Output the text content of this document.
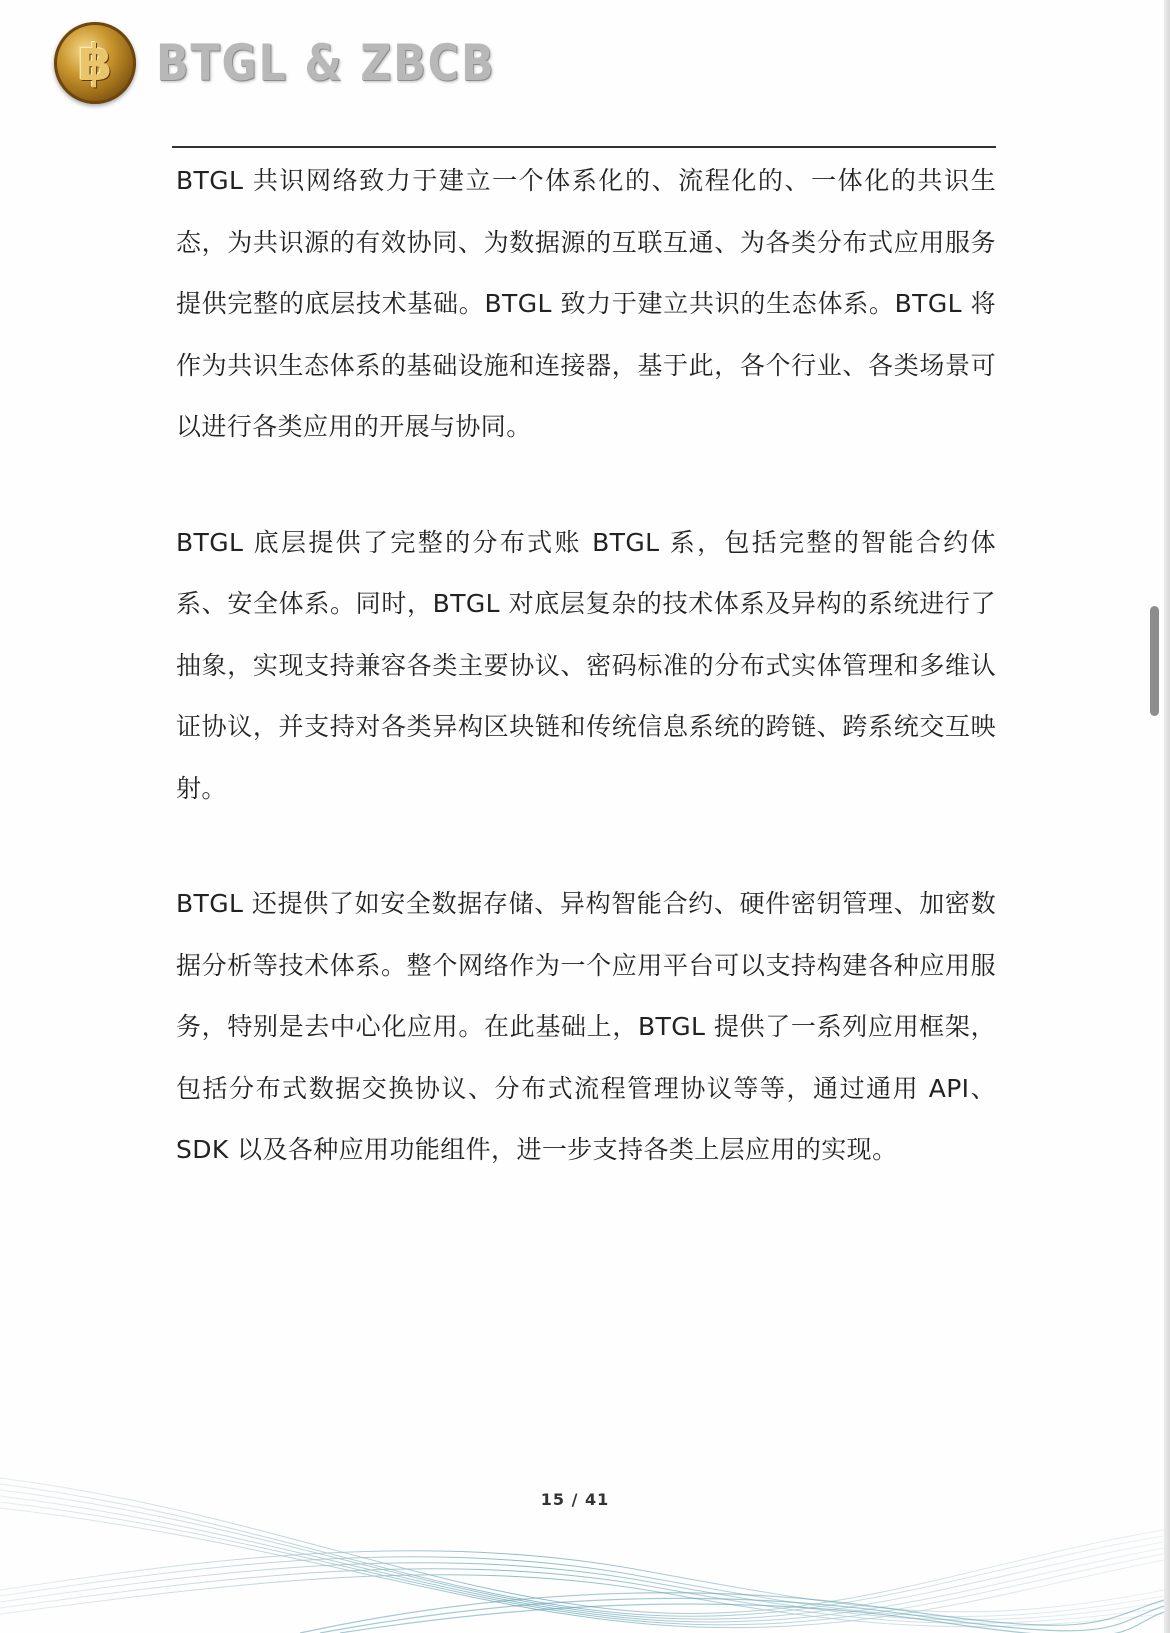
฿ BTGL & ZBCB

BTGL 共识网络致力于建立一个体系化的、流程化的、一体化的共识生态，为共识源的有效协同、为数据源的互联互通、为各类分布式应用服务提供完整的底层技术基础。BTGL 致力于建立共识的生态体系。BTGL 将作为共识生态体系的基础设施和连接器，基于此，各个行业、各类场景可以进行各类应用的开展与协同。

BTGL 底层提供了完整的分布式账 BTGL 系，包括完整的智能合约体系、安全体系。同时，BTGL 对底层复杂的技术体系及异构的系统进行了抽象，实现支持兼容各类主要协议、密码标准的分布式实体管理和多维认证协议，并支持对各类异构区块链和传统信息系统的跨链、跨系统交互映射。

BTGL 还提供了如安全数据存储、异构智能合约、硬件密钥管理、加密数据分析等技术体系。整个网络作为一个应用平台可以支持构建各种应用服务，特别是去中心化应用。在此基础上，BTGL 提供了一系列应用框架，包括分布式数据交换协议、分布式流程管理协议等等，通过通用 API、SDK 以及各种应用功能组件，进一步支持各类上层应用的实现。

15 / 41
